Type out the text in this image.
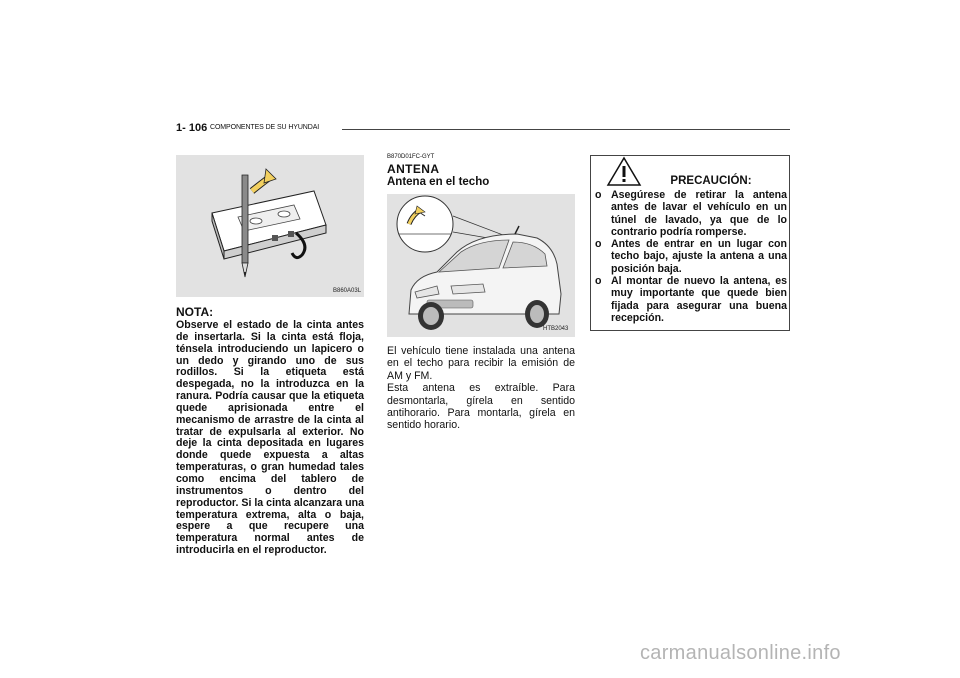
1- 106 COMPONENTES DE SU HYUNDAI
B860A03L
NOTA:
Observe el estado de la cinta antes de insertarla. Si la cinta está floja, ténsela introduciendo un lapicero o un dedo y girando uno de sus rodillos. Si la etiqueta está despegada, no la introduzca en la ranura. Podría causar que la etiqueta quede aprisionada entre el mecanismo de arrastre de la cinta al tratar de expulsarla al exterior. No deje la cinta depositada en lugares donde quede expuesta a altas temperaturas, o gran humedad tales como encima del tablero de instrumentos o dentro del reproductor. Si la cinta alcanzara una temperatura extrema, alta o baja, espere a que recupere una temperatura normal antes de introducirla en el reproductor.
B870D01FC-GYT
ANTENA
Antena en el techo
HTB2043
El vehículo tiene instalada una antena en el techo para recibir la emisión de AM y FM.
Esta antena es extraíble. Para desmontarla, gírela en sentido antihorario. Para montarla, gírela en sentido horario.
PRECAUCIÓN:
o Asegúrese de retirar la antena antes de lavar el vehículo en un túnel de lavado, ya que de lo contrario podría romperse.
o Antes de entrar en un lugar con techo bajo, ajuste la antena a una posición baja.
o Al montar de nuevo la antena, es muy importante que quede bien fijada para asegurar una buena recepción.
carmanualsonline.info
